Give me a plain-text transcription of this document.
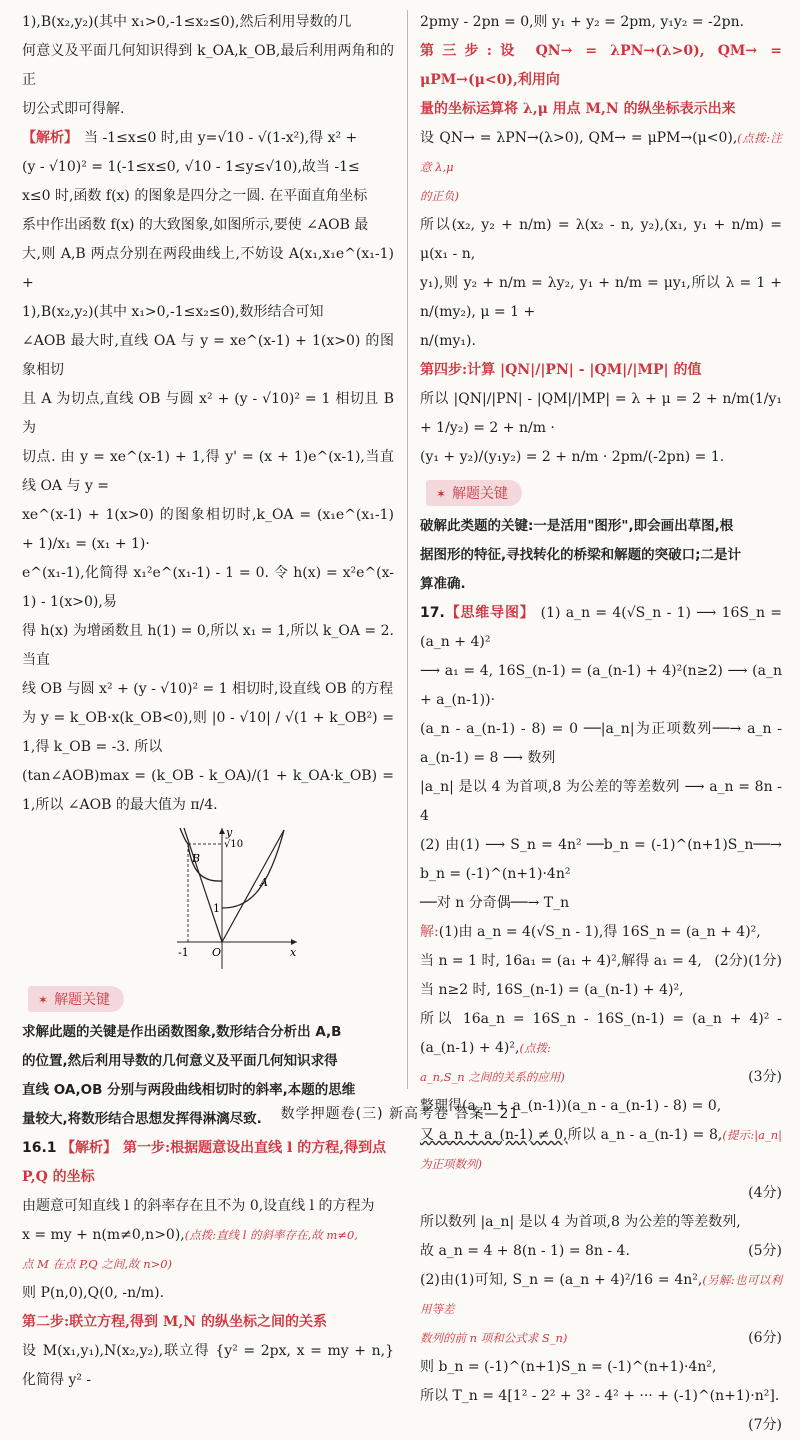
1),B(x₂,y₂)(其中 x₁>0,-1≤x₂≤0),然后利用导数的几

何意义及平面几何知识得到 k_OA,k_OB,最后利用两角和的正

切公式即可得解.

【解析】 当 -1≤x≤0 时,由 y=√10 - √(1-x²),得 x² +

(y - √10)² = 1(-1≤x≤0, √10 - 1≤y≤√10),故当 -1≤

x≤0 时,函数 f(x) 的图象是四分之一圆. 在平面直角坐标

系中作出函数 f(x) 的大致图象,如图所示,要使 ∠AOB 最

大,则 A,B 两点分别在两段曲线上,不妨设 A(x₁,x₁e^(x₁-1) +

1),B(x₂,y₂)(其中 x₁>0,-1≤x₂≤0),数形结合可知

∠AOB 最大时,直线 OA 与 y = xe^(x-1) + 1(x>0) 的图象相切

且 A 为切点,直线 OB 与圆 x² + (y - √10)² = 1 相切且 B 为

切点. 由 y = xe^(x-1) + 1,得 y' = (x + 1)e^(x-1),当直线 OA 与 y =

xe^(x-1) + 1(x>0) 的图象相切时,k_OA = (x₁e^(x₁-1) + 1)/x₁ = (x₁ + 1)·

e^(x₁-1),化简得 x₁²e^(x₁-1) - 1 = 0. 令 h(x) = x²e^(x-1) - 1(x>0),易

得 h(x) 为增函数且 h(1) = 0,所以 x₁ = 1,所以 k_OA = 2. 当直

线 OB 与圆 x² + (y - √10)² = 1 相切时,设直线 OB 的方程

为 y = k_OB·x(k_OB<0),则 |0 - √10| / √(1 + k_OB²) = 1,得 k_OB = -3. 所以

(tan∠AOB)max = (k_OB - k_OA)/(1 + k_OA·k_OB) = 1,所以 ∠AOB 的最大值为 π/4.

y
x
O
-1
1
A
B
√10
✶ 解题关键

求解此题的关键是作出函数图象,数形结合分析出 A,B

的位置,然后利用导数的几何意义及平面几何知识求得

直线 OA,OB 分别与两段曲线相切时的斜率,本题的思维

量较大,将数形结合思想发挥得淋漓尽致.

16.1 【解析】 第一步:根据题意设出直线 l 的方程,得到点

P,Q 的坐标

由题意可知直线 l 的斜率存在且不为 0,设直线 l 的方程为

x = my + n(m≠0,n>0),(点拨:直线 l 的斜率存在,故 m≠0,

点 M 在点 P,Q 之间,故 n>0)

则 P(n,0),Q(0, -n/m).

第二步:联立方程,得到 M,N 的纵坐标之间的关系

设 M(x₁,y₁),N(x₂,y₂),联立得 {y² = 2px, x = my + n,} 化简得 y² -

2pmy - 2pn = 0,则 y₁ + y₂ = 2pm, y₁y₂ = -2pn.

第三步:设 QN→ = λPN→(λ>0), QM→ = μPM→(μ<0),利用向

量的坐标运算将 λ,μ 用点 M,N 的纵坐标表示出来

设 QN→ = λPN→(λ>0), QM→ = μPM→(μ<0),(点拨:注意 λ,μ

的正负)

所以(x₂, y₂ + n/m) = λ(x₂ - n, y₂),(x₁, y₁ + n/m) = μ(x₁ - n,

y₁),则 y₂ + n/m = λy₂, y₁ + n/m = μy₁,所以 λ = 1 + n/(my₂), μ = 1 +

n/(my₁).

第四步:计算 |QN|/|PN| - |QM|/|MP| 的值

所以 |QN|/|PN| - |QM|/|MP| = λ + μ = 2 + n/m(1/y₁ + 1/y₂) = 2 + n/m ·

(y₁ + y₂)/(y₁y₂) = 2 + n/m · 2pm/(-2pn) = 1.

✶ 解题关键

破解此类题的关键:一是活用"图形",即会画出草图,根

据图形的特征,寻找转化的桥梁和解题的突破口;二是计

算准确.

17.【思维导图】 (1) a_n = 4(√S_n - 1) ⟶ 16S_n = (a_n + 4)²

⟶ a₁ = 4, 16S_(n-1) = (a_(n-1) + 4)²(n≥2) ⟶ (a_n + a_(n-1))·

(a_n - a_(n-1) - 8) = 0 ──|a_n|为正项数列──→ a_n - a_(n-1) = 8 ⟶ 数列

|a_n| 是以 4 为首项,8 为公差的等差数列 ⟶ a_n = 8n - 4

(2) 由(1) ⟶ S_n = 4n² ──b_n = (-1)^(n+1)S_n──→ b_n = (-1)^(n+1)·4n²

──对 n 分奇偶──→ T_n

解:(1)由 a_n = 4(√S_n - 1),得 16S_n = (a_n + 4)²,
(1分)

当 n = 1 时, 16a₁ = (a₁ + 4)²,解得 a₁ = 4, (2分)

当 n≥2 时, 16S_(n-1) = (a_(n-1) + 4)²,

所以 16a_n = 16S_n - 16S_(n-1) = (a_n + 4)² - (a_(n-1) + 4)²,(点拨:

a_n,S_n 之间的关系的应用)	(3分)

整理得(a_n + a_(n-1))(a_n - a_(n-1) - 8) = 0,

又 a_n + a_(n-1) ≠ 0,所以 a_n - a_(n-1) = 8,(提示:|a_n| 为正项数列)

(4分)

所以数列 |a_n| 是以 4 为首项,8 为公差的等差数列,

故 a_n = 4 + 8(n - 1) = 8n - 4.	(5分)

(2)由(1)可知, S_n = (a_n + 4)²/16 = 4n²,(另解:也可以利用等差

数列的前 n 项和公式求 S_n)	(6分)

则 b_n = (-1)^(n+1)S_n = (-1)^(n+1)·4n²,

所以 T_n = 4[1² - 2² + 3² - 4² + ··· + (-1)^(n+1)·n²].
(7分)

数学押题卷(三) 新高考卷 答案—21
